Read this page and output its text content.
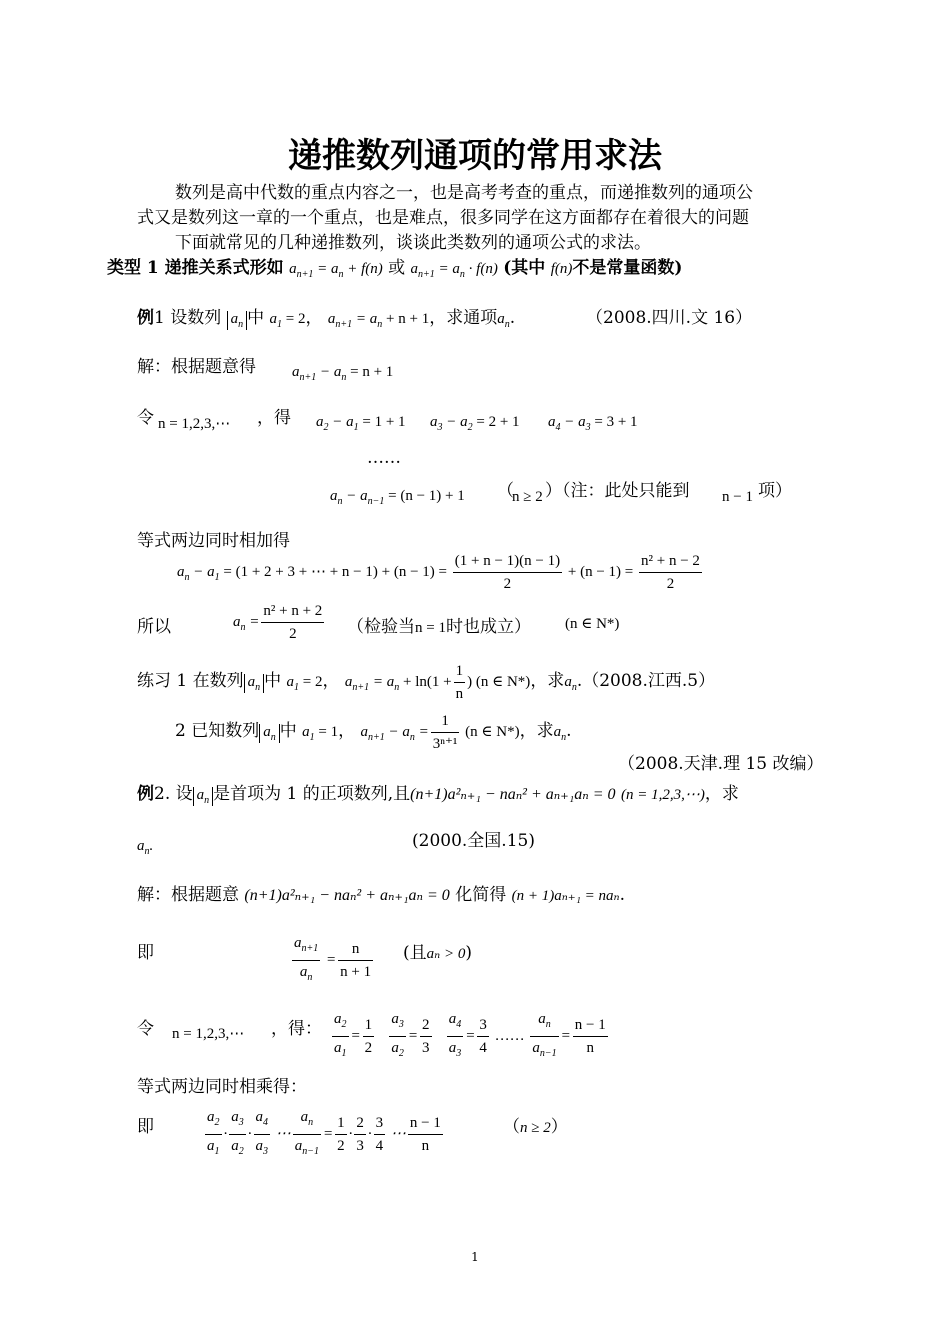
递推数列通项的常用求法
数列是高中代数的重点内容之一，也是高考考查的重点，而递推数列的通项公
式又是数列这一章的一个重点，也是难点，很多同学在这方面都存在着很大的问题
下面就常见的几种递推数列，谈谈此类数列的通项公式的求法。
类型 1 递推关系式形如 $a_{n+1} = a_n + f(n)$ 或 $a_{n+1} = a_n \cdot f(n)$ (其中 f(n)不是常量函数)
例1 设数列 $a_n$ 中 $a_1 = 2$， $a_{n+1} = a_n + n + 1$，求通项$a_n$.	（2008.四川.文 16）
解：根据题意得 $a_{n+1} - a_n = n + 1$
令 n = 1,2,3,⋯ ，得 $a_2 - a_1 = 1 + 1$ $a_3 - a_2 = 2 + 1$ $a_4 - a_3 = 3 + 1$
……
$a_n - a_{n-1} = (n - 1) + 1$ （
n ≥ 2 ）（注：此处只能到 n − 1 项）
等式两边同时相加得
$a_n - a_1 = (1 + 2 + 3$ + ⋯ + $n - 1) + (n - 1) = \frac{(1 + n - 1)(n - 1)}{2} + (n - 1) = \frac{\text{n² + n − 2}}{2}$
所以	$a_n = \frac{\text{n² + n + 2}}{2}$ （检验当n = 1时也成立） (n ∈ N*)
练习 1 在数列 $a_n$ 中 $a_1 = 2$， $a_{n+1} = a_n + \ln(1 + \frac{1}{n}$ ) (n ∈ N*)，求$a_n.(2008$.江西.5）
2 已知数列 $a_n$ 中 $a_1 = 1$， $a_{n+1} - a_n = \frac{1}{\text{3ⁿ⁺¹}} (n$ ∈ N*)，求$a_n$.
（2008.天津.理 15 改编）
例2. 设 $a_n$ 是首项为 1 的正项数列,且(n+1)a²ₙ₊₁ − naₙ² + aₙ₊₁aₙ = 0 (n = 1,2,3,⋯)，求
$a_n$.	(2000.全国.15)
解：根据题意 (n+1)a²ₙ₊₁ − naₙ² + aₙ₊₁aₙ = 0 化简得 (n + 1)aₙ₊₁ = naₙ.
即	$\frac{a_{n+1}}{a_n} = \frac{n}{n + 1}$ (且aₙ > 0)
令 n = 1,2,3,⋯ ，得： $\frac{a_2}{a_1} = \frac{1}{2}$
$\frac{a_3}{a_2} = \frac{2}{3}$
$\frac{a_4}{a_3} = \frac{3}{4}$ …… $\frac{a_n}{a_{n-1}} = \frac{n - 1}{n}$
等式两边同时相乘得：
即	$\frac{a_2}{a_1} \cdot \frac{a_3}{a_2} \cdot \frac{a_4}{a_3}$ ⋯ $\frac{a_n}{a_{n-1}} = \frac{1}{2} \cdot \frac{2}{3} \cdot \frac{3}{4}$ ⋯ $\frac{n - 1}{n}$	（n ≥ 2）
1
